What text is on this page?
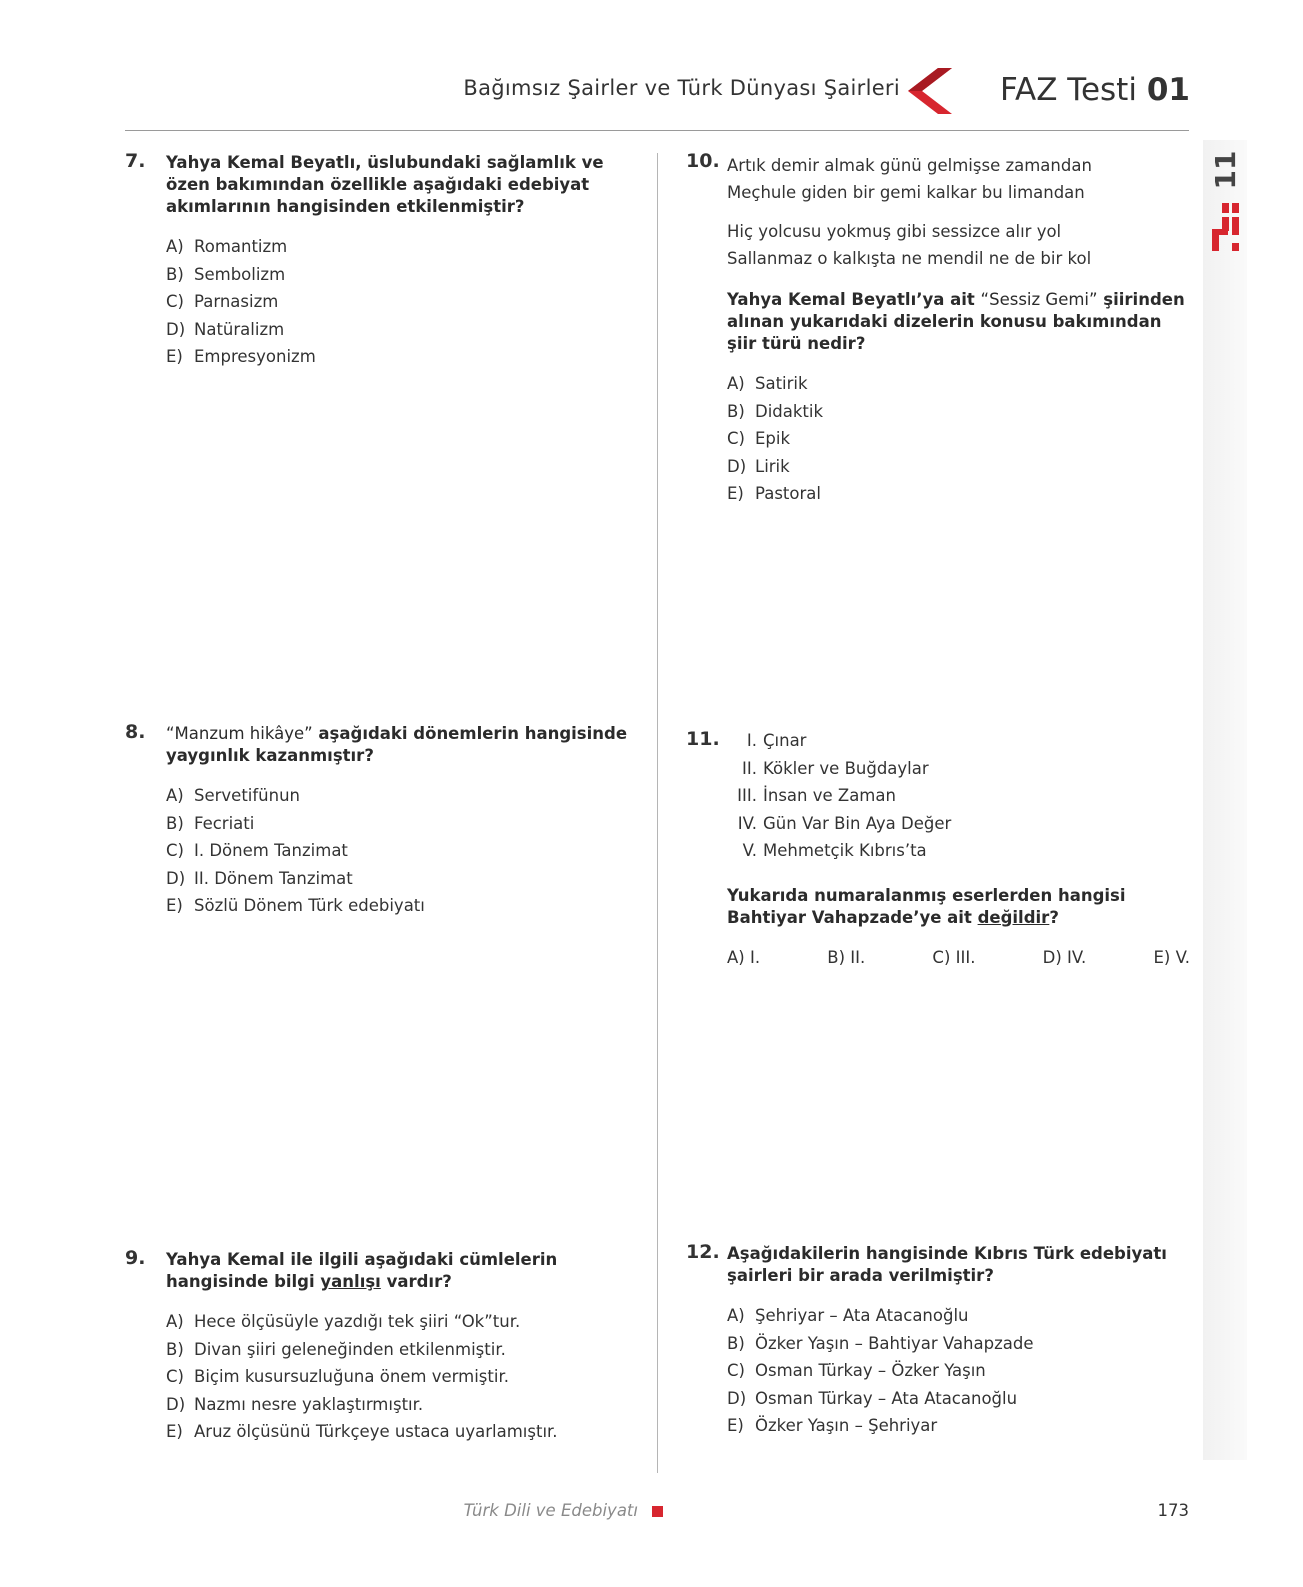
Bağımsız Şairler ve Türk Dünyası Şairleri	FAZ Testi 01
11
7. Yahya Kemal Beyatlı, üslubundaki sağlamlık ve özen bakımından özellikle aşağıdaki edebiyat akımlarının hangisinden etkilenmiştir?
A) Romantizm
B) Sembolizm
C) Parnasizm
D) Natüralizm
E) Empresyonizm
8. “Manzum hikâye” aşağıdaki dönemlerin hangisinde yaygınlık kazanmıştır?
A) Servetifünun
B) Fecriati
C) I. Dönem Tanzimat
D) II. Dönem Tanzimat
E) Sözlü Dönem Türk edebiyatı
9. Yahya Kemal ile ilgili aşağıdaki cümlelerin hangisinde bilgi yanlışı vardır?
A) Hece ölçüsüyle yazdığı tek şiiri “Ok”tur.
B) Divan şiiri geleneğinden etkilenmiştir.
C) Biçim kusursuzluğuna önem vermiştir.
D) Nazmı nesre yaklaştırmıştır.
E) Aruz ölçüsünü Türkçeye ustaca uyarlamıştır.
10. Artık demir almak günü gelmişse zamandan
Meçhule giden bir gemi kalkar bu limandan
Hiç yolcusu yokmuş gibi sessizce alır yol
Sallanmaz o kalkışta ne mendil ne de bir kol
Yahya Kemal Beyatlı’ya ait “Sessiz Gemi” şiirinden alınan yukarıdaki dizelerin konusu bakımından şiir türü nedir?
A) Satirik
B) Didaktik
C) Epik
D) Lirik
E) Pastoral
11.	I. Çınar
II. Kökler ve Buğdaylar
III. İnsan ve Zaman
IV. Gün Var Bin Aya Değer
V. Mehmetçik Kıbrıs’ta
Yukarıda numaralanmış eserlerden hangisi Bahtiyar Vahapzade’ye ait değildir?
A) I.	B) II.	C) III.	D) IV.	E) V.
12. Aşağıdakilerin hangisinde Kıbrıs Türk edebiyatı şairleri bir arada verilmiştir?
A) Şehriyar – Ata Atacanoğlu
B) Özker Yaşın – Bahtiyar Vahapzade
C) Osman Türkay – Özker Yaşın
D) Osman Türkay – Ata Atacanoğlu
E) Özker Yaşın – Şehriyar
Türk Dili ve Edebiyatı	173
